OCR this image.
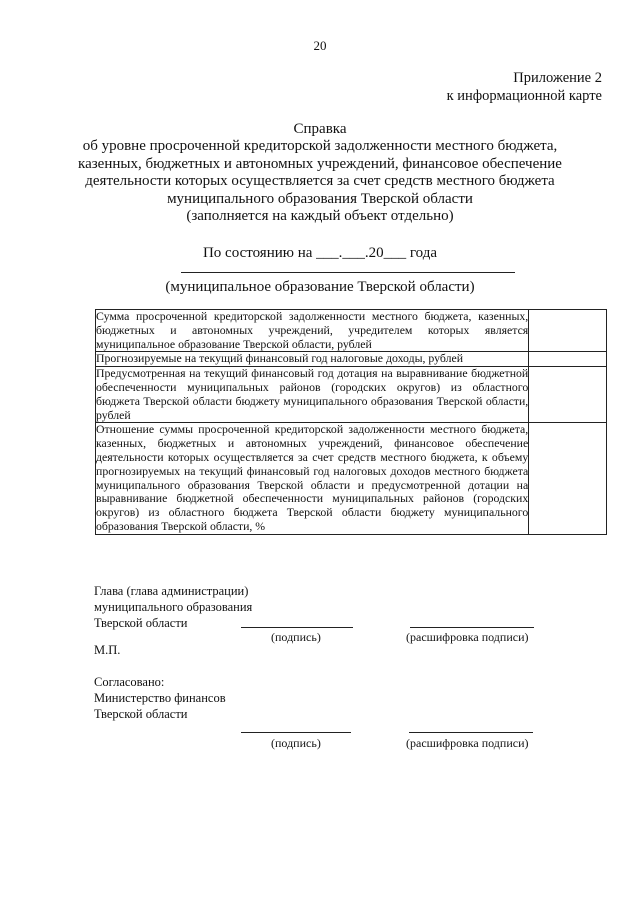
20
Приложение 2
к информационной карте
Справка
об уровне просроченной кредиторской задолженности местного бюджета,
казенных, бюджетных и автономных учреждений, финансовое обеспечение
деятельности которых осуществляется за счет средств местного бюджета
муниципального образования Тверской области
(заполняется на каждый объект отдельно)
По состоянию на ___.___.20___ года
(муниципальное образование Тверской области)
Сумма просроченной кредиторской задолженности местного бюджета, казенных, бюджетных и автономных учреждений, учредителем которых является муниципальное образование Тверской области, рублей	
Прогнозируемые на текущий финансовый год налоговые доходы, рублей	
Предусмотренная на текущий финансовый год дотация на выравнивание бюджетной обеспеченности муниципальных районов (городских округов) из областного бюджета Тверской области бюджету муниципального образования Тверской области, рублей	
Отношение суммы просроченной кредиторской задолженности местного бюджета, казенных, бюджетных и автономных учреждений, финансовое обеспечение деятельности которых осуществляется за счет средств местного бюджета, к объему прогнозируемых на текущий финансовый год налоговых доходов местного бюджета муниципального образования Тверской области и предусмотренной дотации на выравнивание бюджетной обеспеченности муниципальных районов (городских округов) из областного бюджета Тверской области бюджету муниципального образования Тверской области, %	
Глава (глава администрации)
муниципального образования
Тверской области
(подпись)	(расшифровка подписи)
М.П.
Согласовано:
Министерство финансов
Тверской области
(подпись)	(расшифровка подписи)
